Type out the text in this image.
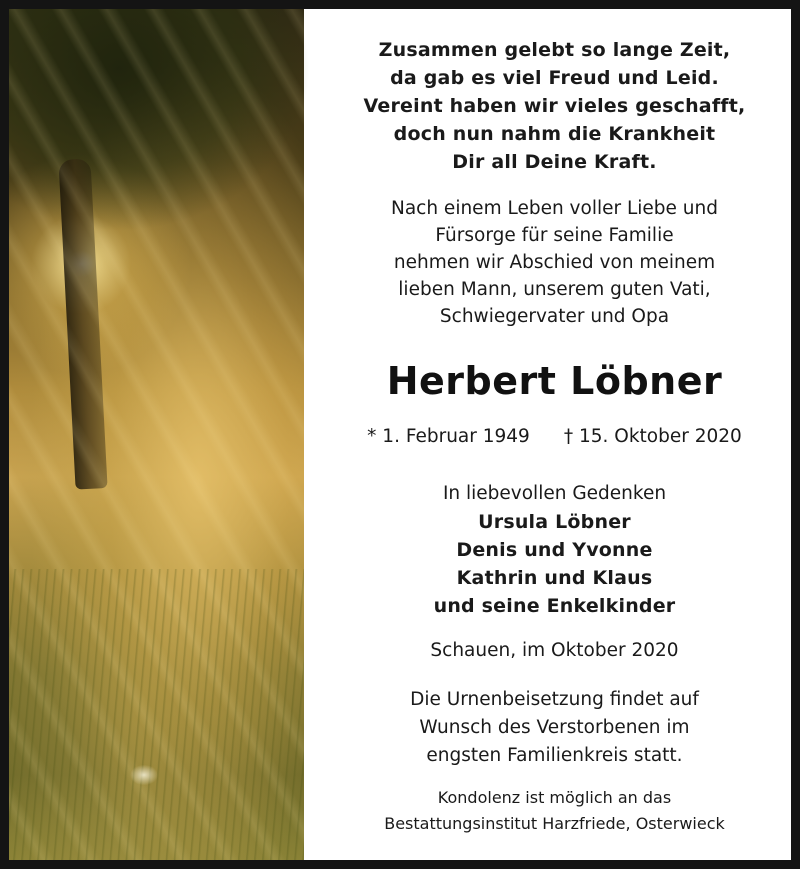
Zusammen gelebt so lange Zeit,
da gab es viel Freud und Leid.
Vereint haben wir vieles geschafft,
doch nun nahm die Krankheit
Dir all Deine Kraft.
Nach einem Leben voller Liebe und
Fürsorge für seine Familie
nehmen wir Abschied von meinem
lieben Mann, unserem guten Vati,
Schwiegervater und Opa
Herbert Löbner
* 1. Februar 1949 † 15. Oktober 2020
In liebevollen Gedenken
Ursula Löbner
Denis und Yvonne
Kathrin und Klaus
und seine Enkelkinder
Schauen, im Oktober 2020
Die Urnenbeisetzung findet auf
Wunsch des Verstorbenen im
engsten Familienkreis statt.
Kondolenz ist möglich an das
Bestattungsinstitut Harzfriede, Osterwieck
